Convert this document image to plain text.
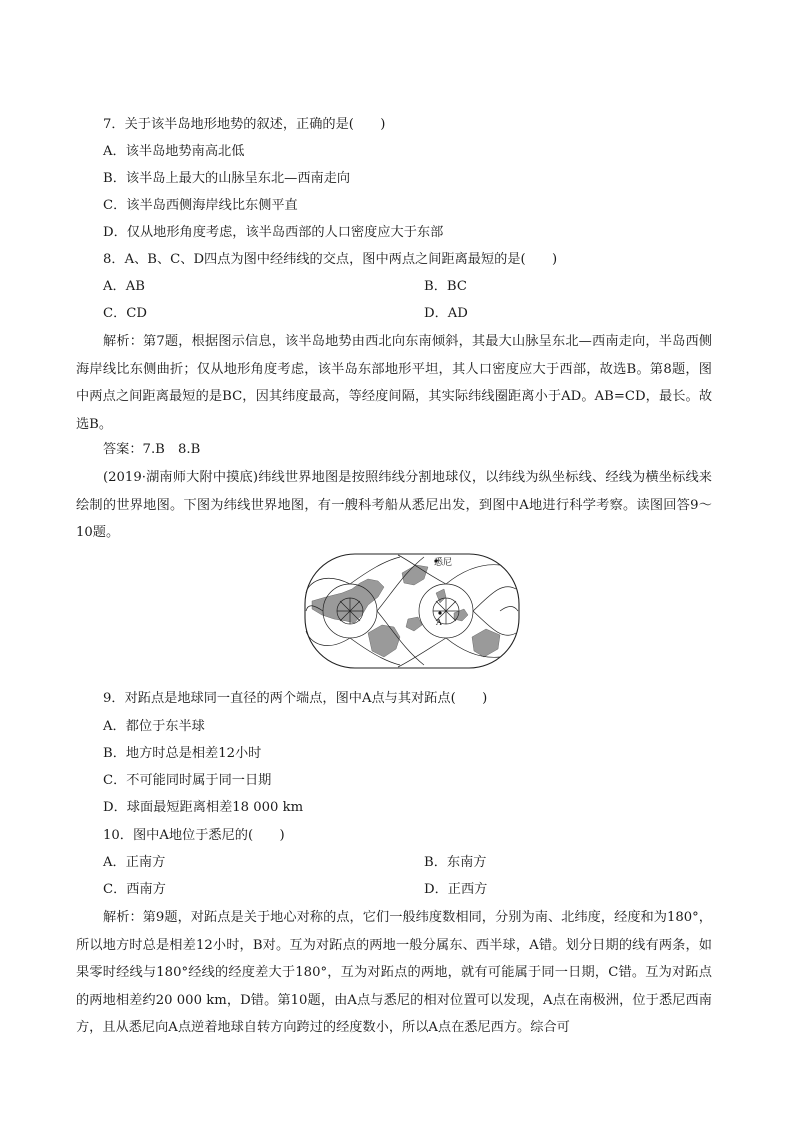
7．关于该半岛地形地势的叙述，正确的是(　　)
A．该半岛地势南高北低
B．该半岛上最大的山脉呈东北—西南走向
C．该半岛西侧海岸线比东侧平直
D．仅从地形角度考虑，该半岛西部的人口密度应大于东部
8．A、B、C、D四点为图中经纬线的交点，图中两点之间距离最短的是(　　)
A．AB	B．BC
C．CD	D．AD
解析：第7题，根据图示信息，该半岛地势由西北向东南倾斜，其最大山脉呈东北—西南走向，半岛西侧海岸线比东侧曲折；仅从地形角度考虑，该半岛东部地形平坦，其人口密度应大于西部，故选B。第8题，图中两点之间距离最短的是BC，因其纬度最高，等经度间隔，其实际纬线圈距离小于AD。AB=CD，最长。故选B。
答案：7.B　8.B
(2019·湖南师大附中摸底)纬线世界地图是按照纬线分割地球仪，以纬线为纵坐标线、经线为横坐标线来绘制的世界地图。下图为纬线世界地图，有一艘科考船从悉尼出发，到图中A地进行科学考察。读图回答9～10题。
悉尼
A
9．对跖点是地球同一直径的两个端点，图中A点与其对跖点(　　)
A．都位于东半球
B．地方时总是相差12小时
C．不可能同时属于同一日期
D．球面最短距离相差18 000 km
10．图中A地位于悉尼的(　　)
A．正南方	B．东南方
C．西南方	D．正西方
解析：第9题，对跖点是关于地心对称的点，它们一般纬度数相同，分别为南、北纬度，经度和为180°，所以地方时总是相差12小时，B对。互为对跖点的两地一般分属东、西半球，A错。划分日期的线有两条，如果零时经线与180°经线的经度差大于180°，互为对跖点的两地，就有可能属于同一日期，C错。互为对跖点的两地相差约20 000 km，D错。第10题，由A点与悉尼的相对位置可以发现，A点在南极洲，位于悉尼西南方，且从悉尼向A点逆着地球自转方向跨过的经度数小，所以A点在悉尼西方。综合可
